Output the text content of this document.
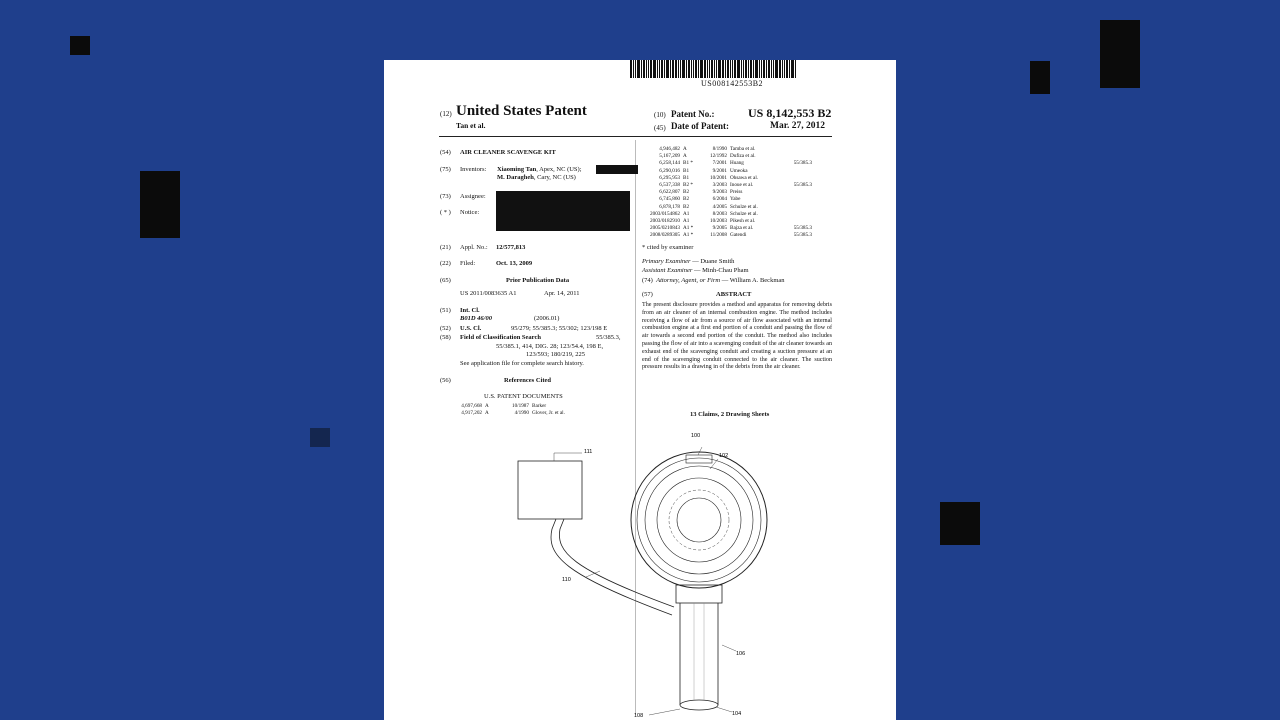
US008142553B2
(12) United States Patent
Tan et al.
(10) Patent No.:	US 8,142,553 B2
(45) Date of Patent:	Mar. 27, 2012
(54) AIR CLEANER SCAVENGE KIT
(75) Inventors: Xiaoming Tan, Apex, NC (US);
M. Daragheh, Cary, NC (US)
(73) Assignee:
( * ) Notice:
(21) Appl. No.: 12/577,813
(22) Filed:	Oct. 13, 2009
(65)	Prior Publication Data
US 2011/0083635 A1	Apr. 14, 2011
(51) Int. Cl.
B01D 46/00	(2006.01)
(52) U.S. Cl.	95/279; 55/385.3; 55/302; 123/198 E
(58) Field of Classification Search	55/385.3,
55/385.1, 414, DIG. 28; 123/54.4, 198 E,
123/593; 180/219, 225
See application file for complete search history.
(56)	References Cited
U.S. PATENT DOCUMENTS
4,697,668 A	10/1987 Barker
4,917,202 A	4/1990 Glover, Jr. et al.
4,946,482 A	8/1990 Tamba et al.
5,167,209 A	12/1992 Dufiza et al.
6,258,144 B1 *	7/2001 Huang	55/385.3
6,290,016 B1	9/2001 Umeoka
6,295,953 B1	10/2001 Ohsawa et al.
6,537,338 B2 *	3/2003 Inoue et al.	55/385.3
6,622,807 B2	9/2003 Preiss
6,745,860 B2	6/2004 Yabe
6,878,178 B2	4/2005 Schulze et al.
2003/0154862 A1	8/2003 Schulze et al.
2003/0182910 A1	10/2003 Pikesh et al.
2005/0210843 A1 *	9/2005 Bajza et al.	55/385.3
2008/0289305 A1 *	11/2008 Gatendi	55/385.3
* cited by examiner
Primary Examiner — Duane Smith
Assistant Examiner — Minh-Chau Pham
(74) Attorney, Agent, or Firm — William A. Beckman
(57)	ABSTRACT
The present disclosure provides a method and apparatus for removing debris from an air cleaner of an internal combustion engine. The method includes receiving a flow of air from a source of air flow associated with an internal combustion engine at a first end portion of a conduit and passing the flow of air towards a second end portion of the conduit. The method also includes passing the flow of air into a scavenging conduit of the air cleaner towards an exhaust end of the scavenging conduit and creating a suction pressure at an end of the scavenging conduit connected to the air cleaner. The suction pressure results in a drawing in of the debris from the air cleaner.
13 Claims, 2 Drawing Sheets
100
102
111
110
106
104
108
